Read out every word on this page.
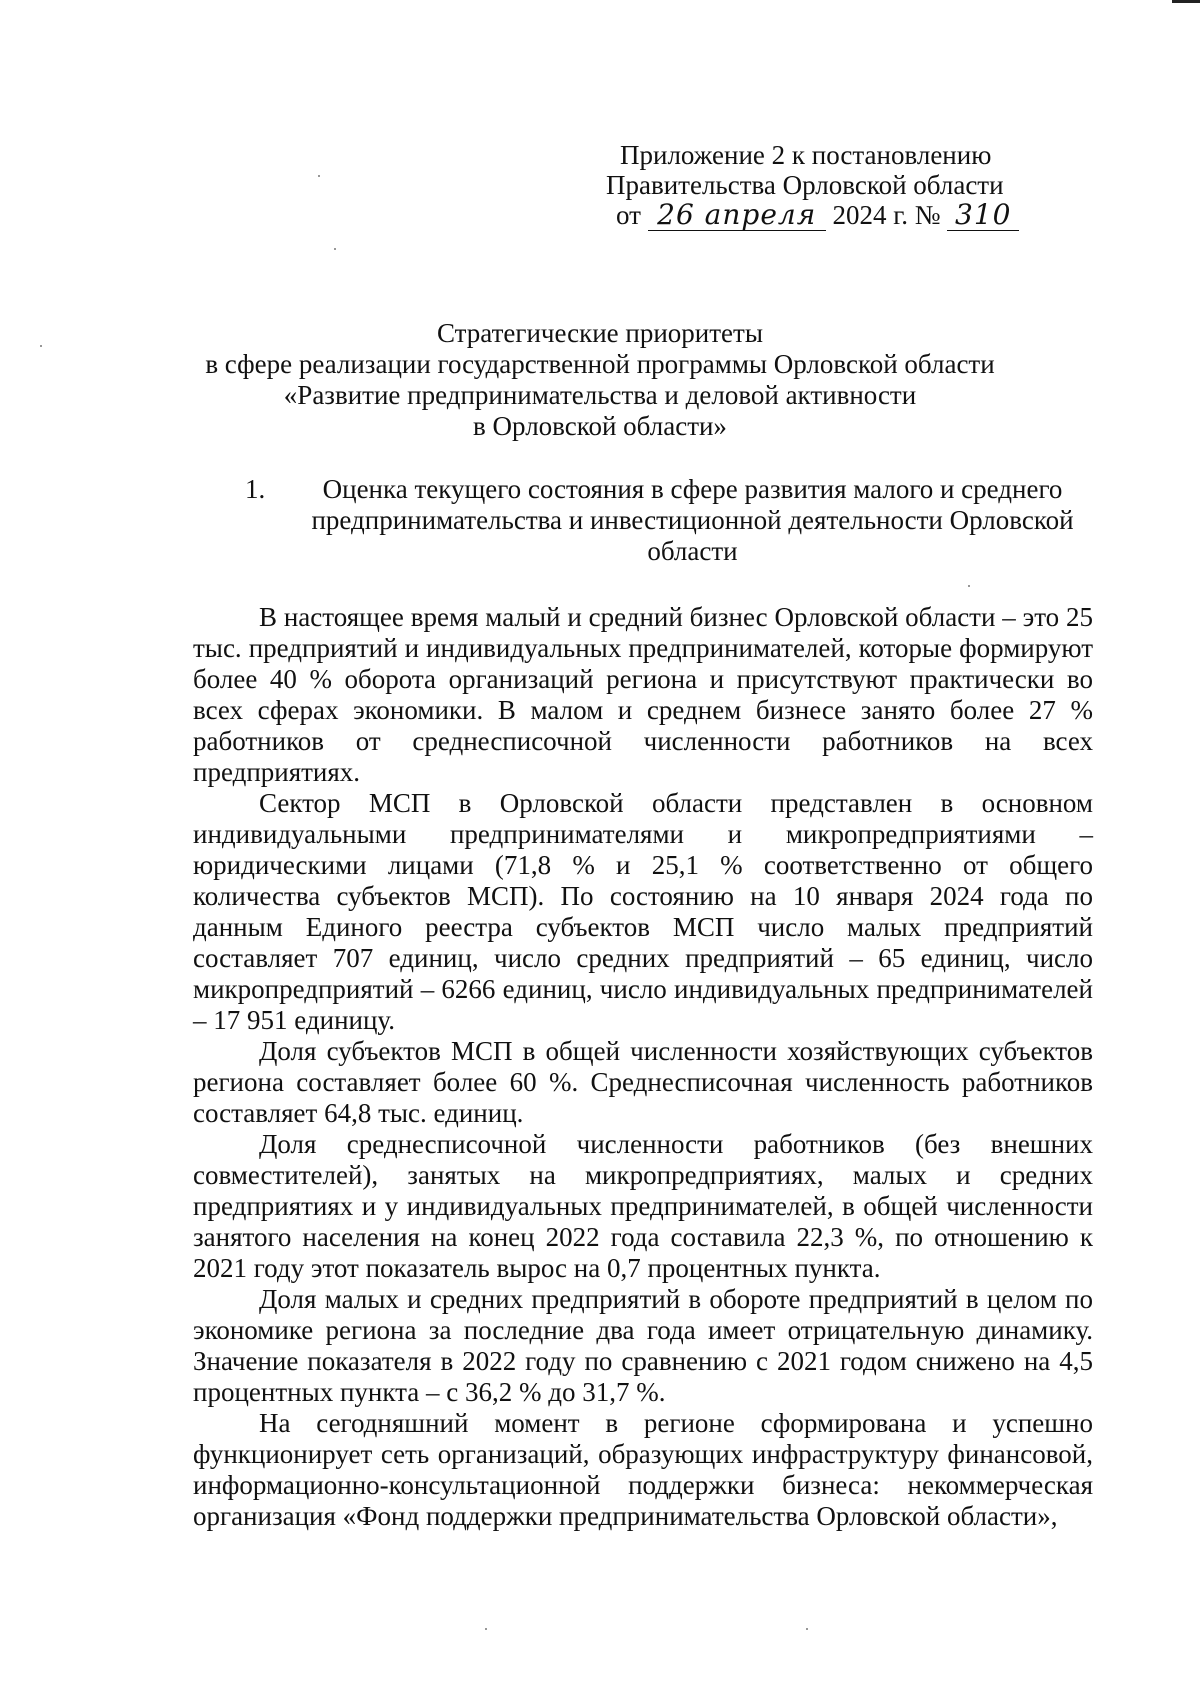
Приложение 2 к постановлению
Правительства Орловской области
от 26 апреля 2024 г. № 310
Стратегические приоритеты
в сфере реализации государственной программы Орловской области
«Развитие предпринимательства и деловой активности
в Орловской области»
1.	Оценка текущего состояния в сфере развития малого и среднего предпринимательства и инвестиционной деятельности Орловской области

В настоящее время малый и средний бизнес Орловской области – это 25 тыс. предприятий и индивидуальных предпринимателей, которые формируют более 40 % оборота организаций региона и присутствуют практически во всех сферах экономики. В малом и среднем бизнесе занято более 27 % работников от среднесписочной численности работников на всех предприятиях.

Сектор МСП в Орловской области представлен в основном индивидуальными предпринимателями и микропредприятиями – юридическими лицами (71,8 % и 25,1 % соответственно от общего количества субъектов МСП). По состоянию на 10 января 2024 года по данным Единого реестра субъектов МСП число малых предприятий составляет 707 единиц, число средних предприятий – 65 единиц, число микропредприятий – 6266 единиц, число индивидуальных предпринимателей – 17 951 единицу.

Доля субъектов МСП в общей численности хозяйствующих субъектов региона составляет более 60 %. Среднесписочная численность работников составляет 64,8 тыс. единиц.

Доля среднесписочной численности работников (без внешних совместителей), занятых на микропредприятиях, малых и средних предприятиях и у индивидуальных предпринимателей, в общей численности занятого населения на конец 2022 года составила 22,3 %, по отношению к 2021 году этот показатель вырос на 0,7 процентных пункта.

Доля малых и средних предприятий в обороте предприятий в целом по экономике региона за последние два года имеет отрицательную динамику. Значение показателя в 2022 году по сравнению с 2021 годом снижено на 4,5 процентных пункта – с 36,2 % до 31,7 %.

На сегодняшний момент в регионе сформирована и успешно функционирует сеть организаций, образующих инфраструктуру финансовой, информационно-консультационной поддержки бизнеса: некоммерческая организация «Фонд поддержки предпринимательства Орловской области»,
